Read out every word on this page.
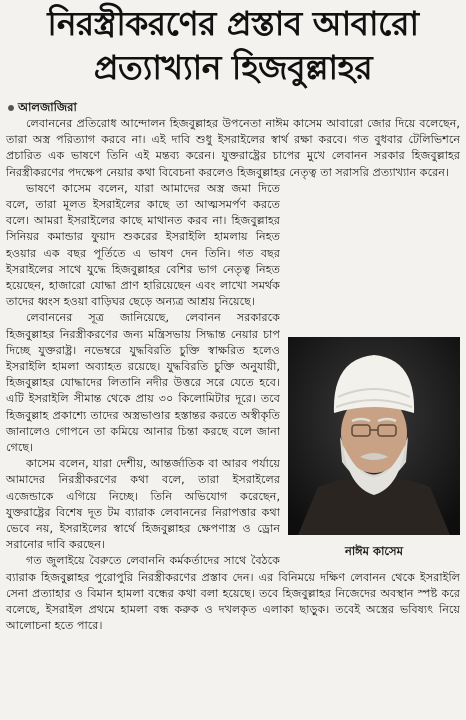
নিরস্ত্রীকরণের প্রস্তাব আবারো
প্রত্যাখ্যান হিজবুল্লাহর
আলজাজিরা

লেবাননের প্রতিরোধ আন্দোলন হিজবুল্লাহর উপনেতা নাঈম কাসেম আবারো জোর দিয়ে বলেছেন, তারা অস্ত্র পরিত্যাগ করবে না। এই দাবি শুধু ইসরাইলের স্বার্থ রক্ষা করবে। গত বুধবার টেলিভিশনে প্রচারিত এক ভাষণে তিনি এই মন্তব্য করেন। যুক্তরাষ্ট্রের চাপের মুখে লেবানন সরকার হিজবুল্লাহর নিরস্ত্রীকরণের পদক্ষেপ নেয়ার কথা বিবেচনা করলেও হিজবুল্লাহর নেতৃত্ব তা সরাসরি প্রত্যাখ্যান করেন।

নাঈম কাসেম

ভাষণে কাসেম বলেন, যারা আমাদের অস্ত্র জমা দিতে বলে, তারা মূলত ইসরাইলের কাছে তা আত্মসমর্পণ করতে বলে। আমরা ইসরাইলের কাছে মাথানত করব না। হিজবুল্লাহর সিনিয়র কমান্ডার ফুয়াদ শুকরের ইসরাইলি হামলায় নিহত হওয়ার এক বছর পূর্তিতে এ ভাষণ দেন তিনি। গত বছর ইসরাইলের সাথে যুদ্ধে হিজবুল্লাহর বেশির ভাগ নেতৃত্ব নিহত হয়েছেন, হাজারো যোদ্ধা প্রাণ হারিয়েছেন এবং লাখো সমর্থক তাদের ধ্বংস হওয়া বাড়িঘর ছেড়ে অন্যত্র আশ্রয় নিয়েছে।

লেবাননের সূত্র জানিয়েছে, লেবানন সরকারকে হিজবুল্লাহর নিরস্ত্রীকরণের জন্য মন্ত্রিসভায় সিদ্ধান্ত নেয়ার চাপ দিচ্ছে যুক্তরাষ্ট্র। নভেম্বরে যুদ্ধবিরতি চুক্তি স্বাক্ষরিত হলেও ইসরাইলি হামলা অব্যাহত রয়েছে। যুদ্ধবিরতি চুক্তি অনুযায়ী, হিজবুল্লাহর যোদ্ধাদের লিতানি নদীর উত্তরে সরে যেতে হবে। এটি ইসরাইলি সীমান্ত থেকে প্রায় ৩০ কিলোমিটার দূরে। তবে হিজবুল্লাহ প্রকাশ্যে তাদের অস্ত্রভাণ্ডার হস্তান্তর করতে অস্বীকৃতি জানালেও গোপনে তা কমিয়ে আনার চিন্তা করছে বলে জানা গেছে।

কাসেম বলেন, যারা দেশীয়, আন্তর্জাতিক বা আরব পর্যায়ে আমাদের নিরস্ত্রীকরণের কথা বলে, তারা ইসরাইলের এজেন্ডাকে এগিয়ে নিচ্ছে। তিনি অভিযোগ করেছেন, যুক্তরাষ্ট্রের বিশেষ দূত টম ব্যারাক লেবাননের নিরাপত্তার কথা ভেবে নয়, ইসরাইলের স্বার্থে হিজবুল্লাহর ক্ষেপণাস্ত্র ও ড্রোন সরানোর দাবি করছেন।

গত জুলাইয়ে বৈরুতে লেবাননি কর্মকর্তাদের সাথে বৈঠকে ব্যারাক হিজবুল্লাহর পুরোপুরি নিরস্ত্রীকরণের প্রস্তাব দেন। এর বিনিময়ে দক্ষিণ লেবানন থেকে ইসরাইলি সেনা প্রত্যাহার ও বিমান হামলা বন্ধের কথা বলা হয়েছে। তবে হিজবুল্লাহর নিজেদের অবস্থান স্পষ্ট করে বলেছে, ইসরাইল প্রথমে হামলা বন্ধ করুক ও দখলকৃত এলাকা ছাড়ুক। তবেই অস্ত্রের ভবিষ্যৎ নিয়ে আলোচনা হতে পারে।
